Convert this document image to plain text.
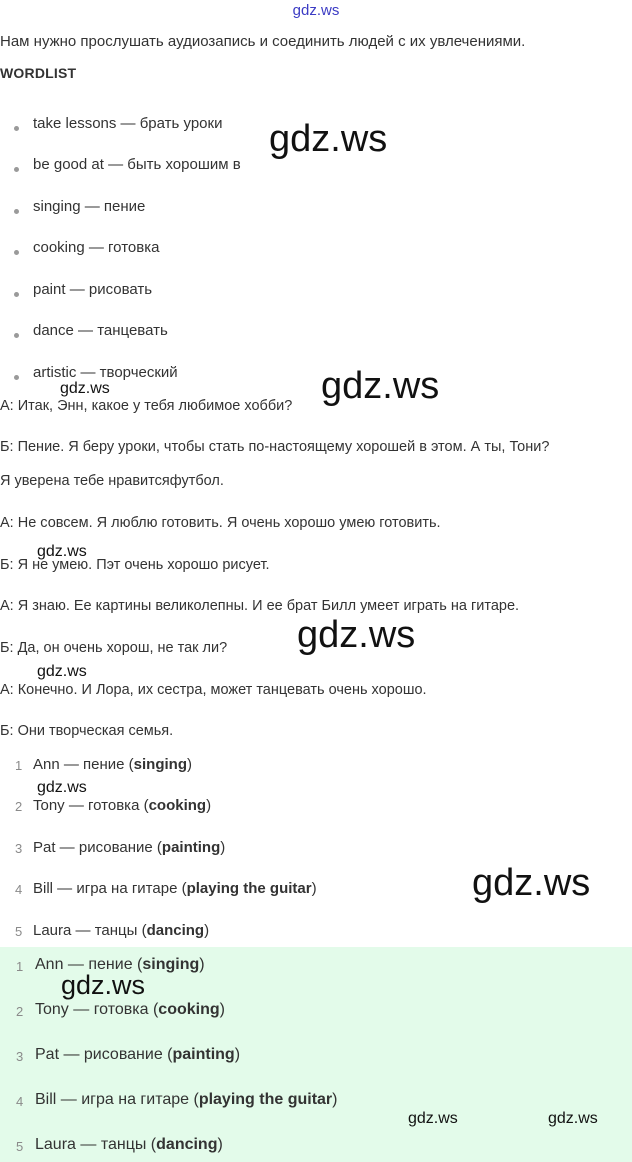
gdz.ws
Нам нужно прослушать аудиозапись и соединить людей с их увлечениями.
WORDLIST
take lessons — брать уроки
be good at — быть хорошим в
singing — пение
cooking — готовка
paint — рисовать
dance — танцевать
artistic — творческий
А: Итак, Энн, какое у тебя любимое хобби?
Б: Пение. Я беру уроки, чтобы стать по-настоящему хорошей в этом. А ты, Тони?
Я уверена тебе нравитсяфутбол.
А: Не совсем. Я люблю готовить. Я очень хорошо умею готовить.
Б: Я не умею. Пэт очень хорошо рисует.
А: Я знаю. Ее картины великолепны. И ее брат Билл умеет играть на гитаре.
Б: Да, он очень хорош, не так ли?
А: Конечно. И Лора, их сестра, может танцевать очень хорошо.
Б: Они творческая семья.
1 Ann — пение (singing)
2 Tony — готовка (cooking)
3 Pat — рисование (painting)
4 Bill — игра на гитаре (playing the guitar)
5 Laura — танцы (dancing)
1 Ann — пение (singing)
2 Tony — готовка (cooking)
3 Pat — рисование (painting)
4 Bill — игра на гитаре (playing the guitar)
5 Laura — танцы (dancing)
gdz.ws
gdz.ws
gdz.ws
gdz.ws
gdz.ws
gdz.ws
gdz.ws
gdz.ws
gdz.ws
gdz.ws	gdz.ws
